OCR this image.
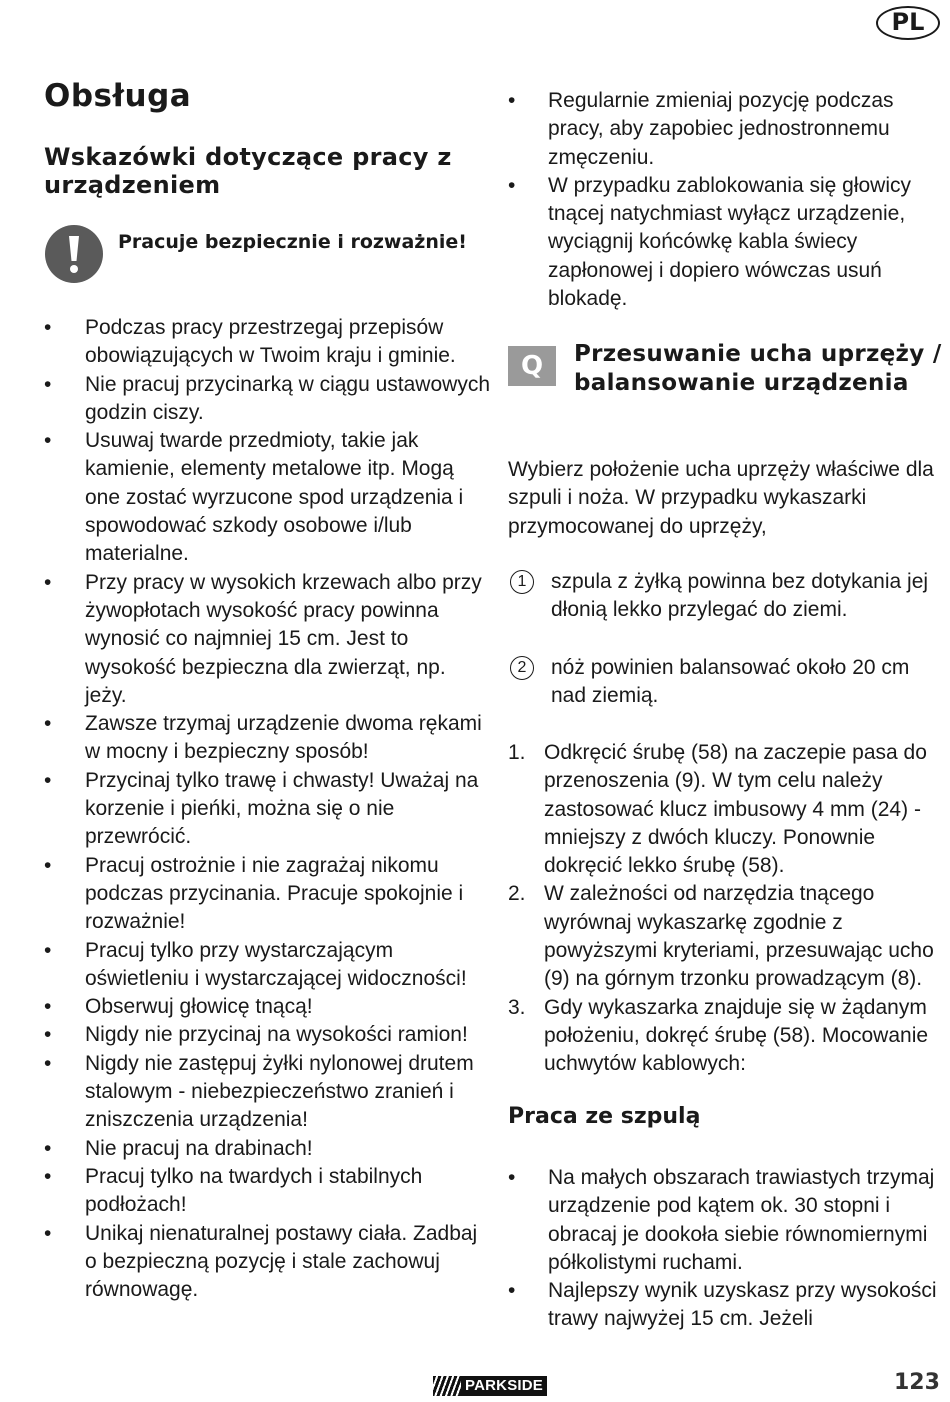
PL
Obsługa
Wskazówki dotyczące pracy z urządzeniem
Pracuje bezpiecznie i rozważnie!
• Podczas pracy przestrzegaj przepisów obowiązujących w Twoim kraju i gminie.
• Nie pracuj przycinarką w ciągu ustawowych godzin ciszy.
• Usuwaj twarde przedmioty, takie jak kamienie, elementy metalowe itp. Mogą one zostać wyrzucone spod urządzenia i spowodować szkody osobowe i/lub materialne.
• Przy pracy w wysokich krzewach albo przy żywopłotach wysokość pracy powinna wynosić co najmniej 15 cm. Jest to wysokość bezpieczna dla zwierząt, np. jeży.
• Zawsze trzymaj urządzenie dwoma rękami w mocny i bezpieczny sposób!
• Przycinaj tylko trawę i chwasty! Uważaj na korzenie i pieńki, można się o nie przewrócić.
• Pracuj ostrożnie i nie zagrażaj nikomu podczas przycinania. Pracuje spokojnie i rozważnie!
• Pracuj tylko przy wystarczającym oświetleniu i wystarczającej widoczności!
• Obserwuj głowicę tnącą!
• Nigdy nie przycinaj na wysokości ramion!
• Nigdy nie zastępuj żyłki nylonowej drutem stalowym - niebezpieczeństwo zranień i zniszczenia urządzenia!
• Nie pracuj na drabinach!
• Pracuj tylko na twardych i stabilnych podłożach!
• Unikaj nienaturalnej postawy ciała. Zadbaj o bezpieczną pozycję i stale zachowuj równowagę.
• Regularnie zmieniaj pozycję podczas pracy, aby zapobiec jednostronnemu zmęczeniu.
• W przypadku zablokowania się głowicy tnącej natychmiast wyłącz urządzenie, wyciągnij końcówkę kabla świecy zapłonowej i dopiero wówczas usuń blokadę.
Q	Przesuwanie ucha uprzęży / balansowanie urządzenia

Wybierz położenie ucha uprzęży właściwe dla szpuli i noża. W przypadku wykaszarki przymocowanej do uprzęży,

1	szpula z żyłką powinna bez dotykania jej dłonią lekko przylegać do ziemi.
2	nóż powinien balansować około 20 cm nad ziemią.
1. Odkręcić śrubę (58) na zaczepie pasa do przenoszenia (9). W tym celu należy zastosować klucz imbusowy 4 mm (24) - mniejszy z dwóch kluczy. Ponownie dokręcić lekko śrubę (58).
2. W zależności od narzędzia tnącego wyrównaj wykaszarkę zgodnie z powyższymi kryteriami, przesuwając ucho (9) na górnym trzonku prowadzącym (8).
3. Gdy wykaszarka znajduje się w żądanym położeniu, dokręć śrubę (58). Mocowanie uchwytów kablowych:
Praca ze szpulą
• Na małych obszarach trawiastych trzymaj urządzenie pod kątem ok. 30 stopni i obracaj je dookoła siebie równomiernymi półkolistymi ruchami.
• Najlepszy wynik uzyskasz przy wysokości trawy najwyżej 15 cm. Jeżeli
PARKSIDE	123
